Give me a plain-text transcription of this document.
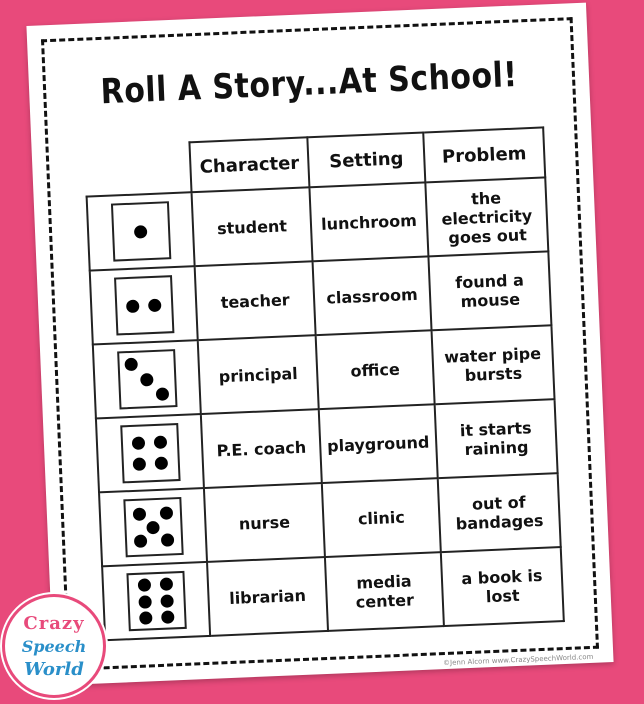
Roll A Story...At School!
	Character	Setting	Problem

	student	lunchroom	the electricity goes out

	teacher	classroom	found a mouse

	principal	office	water pipe bursts

	P.E. coach	playground	it starts raining

	nurse	clinic	out of bandages

	librarian	media center	a book is lost
©Jenn Alcorn www.CrazySpeechWorld.com
Crazy
Speech
World
